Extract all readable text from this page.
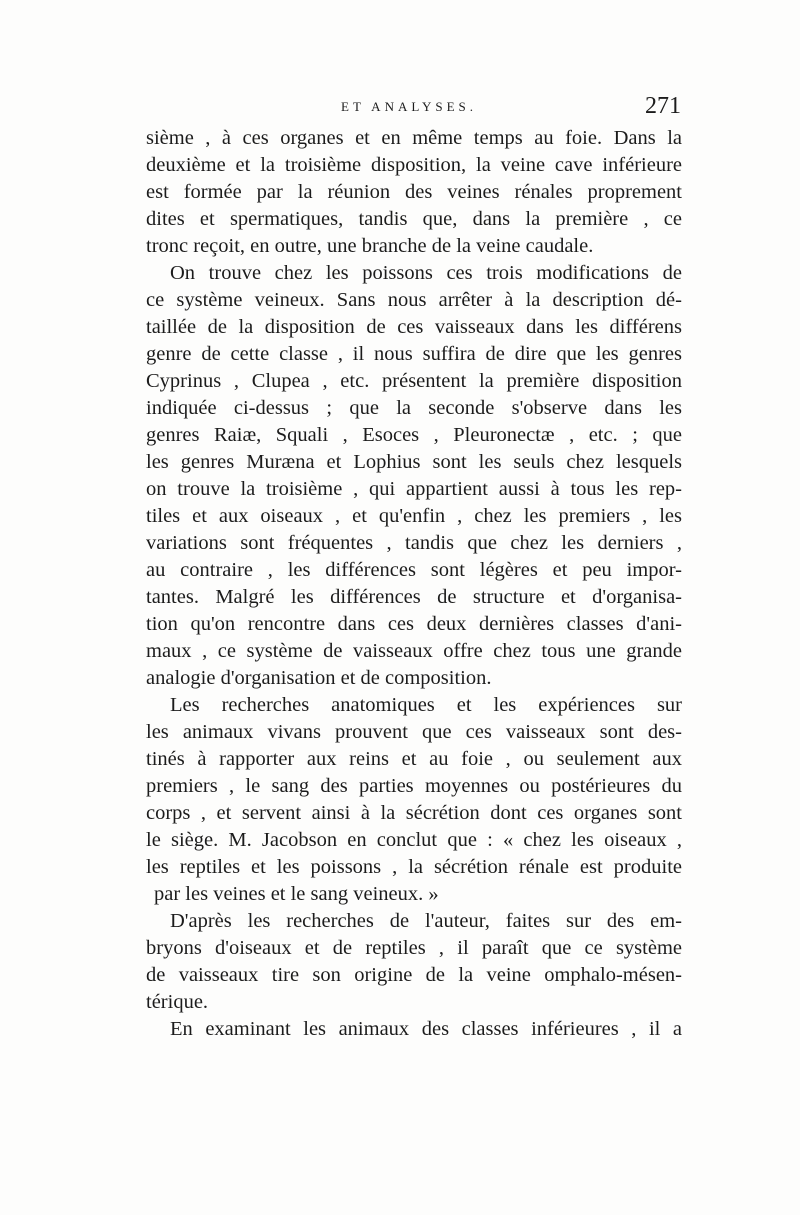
ET ANALYSES.	271
sième , à ces organes et en même temps au foie. Dans la
deuxième et la troisième disposition, la veine cave inférieure
est formée par la réunion des veines rénales proprement
dites et spermatiques, tandis que, dans la première , ce
tronc reçoit, en outre, une branche de la veine caudale.
On trouve chez les poissons ces trois modifications de
ce système veineux. Sans nous arrêter à la description dé-
taillée de la disposition de ces vaisseaux dans les différens
genre de cette classe , il nous suffira de dire que les genres
Cyprinus , Clupea , etc. présentent la première disposition
indiquée ci-dessus ; que la seconde s'observe dans les
genres Raiæ, Squali , Esoces , Pleuronectæ , etc. ; que
les genres Muræna et Lophius sont les seuls chez lesquels
on trouve la troisième , qui appartient aussi à tous les rep-
tiles et aux oiseaux , et qu'enfin , chez les premiers , les
variations sont fréquentes , tandis que chez les derniers ,
au contraire , les différences sont légères et peu impor-
tantes. Malgré les différences de structure et d'organisa-
tion qu'on rencontre dans ces deux dernières classes d'ani-
maux , ce système de vaisseaux offre chez tous une grande
analogie d'organisation et de composition.
Les recherches anatomiques et les expériences sur
les animaux vivans prouvent que ces vaisseaux sont des-
tinés à rapporter aux reins et au foie , ou seulement aux
premiers , le sang des parties moyennes ou postérieures du
corps , et servent ainsi à la sécrétion dont ces organes sont
le siège. M. Jacobson en conclut que : « chez les oiseaux ,
les reptiles et les poissons , la sécrétion rénale est produite
par les veines et le sang veineux. »
D'après les recherches de l'auteur, faites sur des em-
bryons d'oiseaux et de reptiles , il paraît que ce système
de vaisseaux tire son origine de la veine omphalo-mésen-
térique.
En examinant les animaux des classes inférieures , il a
